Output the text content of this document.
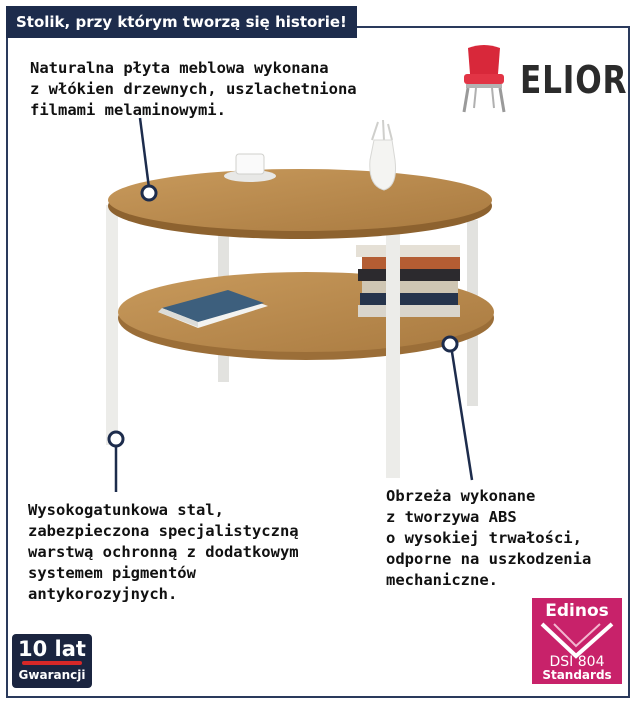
Stolik, przy którym tworzą się historie!
ELIOR
Naturalna płyta meblowa wykonana
z włókien drzewnych, uszlachetniona
filmami melaminowymi.
Wysokogatunkowa stal,
zabezpieczona specjalistyczną
warstwą ochronną z dodatkowym
systemem pigmentów
antykorozyjnych.
Obrzeża wykonane
z tworzywa ABS
o wysokiej trwałości,
odporne na uszkodzenia
mechaniczne.
10 lat
Gwarancji
Edinos
DSI 804
Standards
